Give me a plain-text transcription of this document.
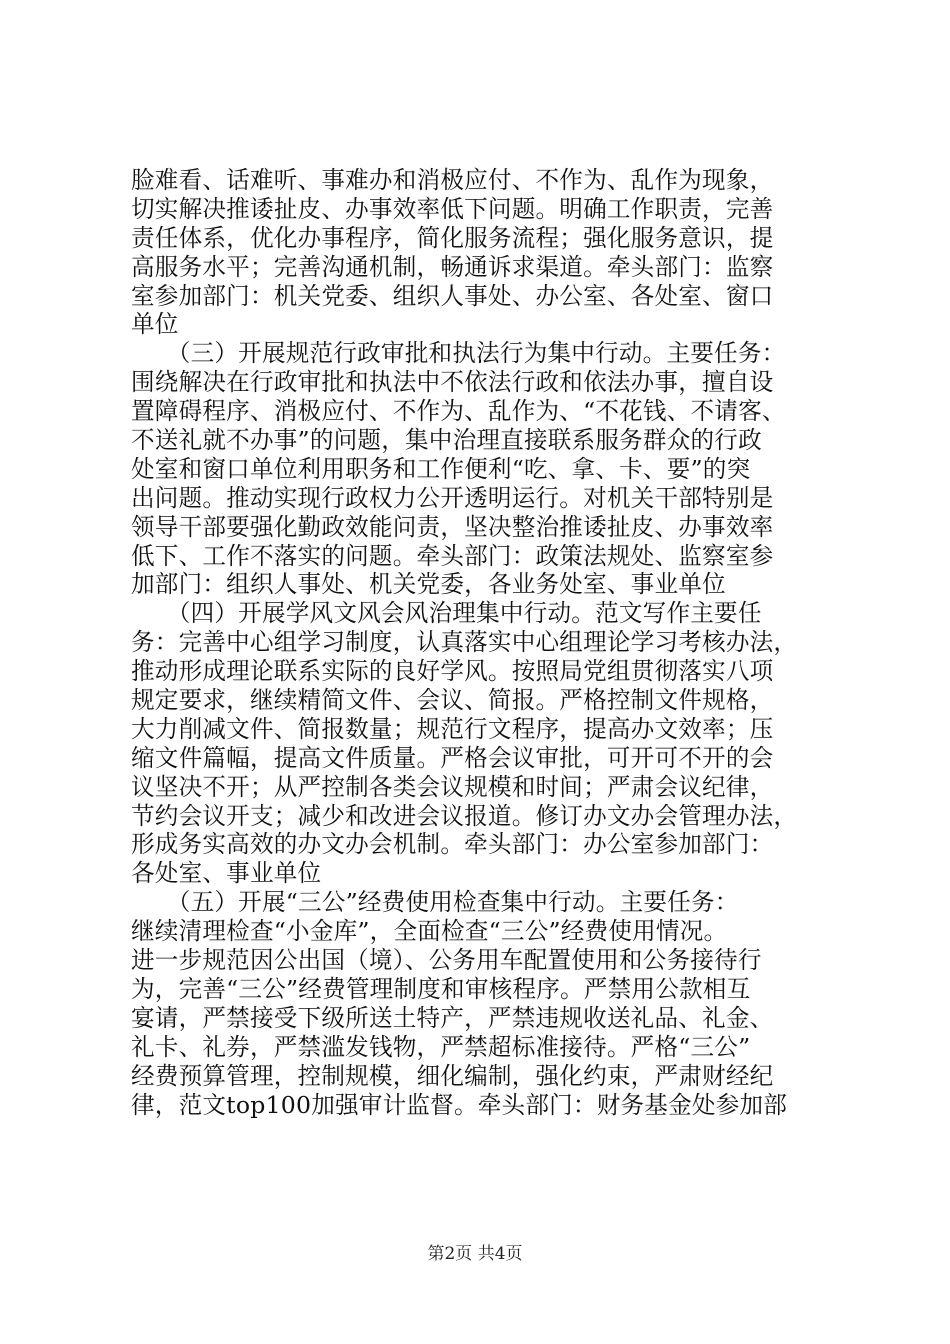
脸难看、话难听、事难办和消极应付、不作为、乱作为现象，
切实解决推诿扯皮、办事效率低下问题。明确工作职责，完善
责任体系，优化办事程序，简化服务流程；强化服务意识，提
高服务水平；完善沟通机制，畅通诉求渠道。牵头部门：监察
室参加部门：机关党委、组织人事处、办公室、各处室、窗口
单位
　　（三）开展规范行政审批和执法行为集中行动。主要任务：
围绕解决在行政审批和执法中不依法行政和依法办事，擅自设
置障碍程序、消极应付、不作为、乱作为、“不花钱、不请客、
不送礼就不办事”的问题，集中治理直接联系服务群众的行政
处室和窗口单位利用职务和工作便利“吃、拿、卡、要”的突
出问题。推动实现行政权力公开透明运行。对机关干部特别是
领导干部要强化勤政效能问责，坚决整治推诿扯皮、办事效率
低下、工作不落实的问题。牵头部门：政策法规处、监察室参
加部门：组织人事处、机关党委，各业务处室、事业单位
　　（四）开展学风文风会风治理集中行动。范文写作主要任
务：完善中心组学习制度，认真落实中心组理论学习考核办法，
推动形成理论联系实际的良好学风。按照局党组贯彻落实八项
规定要求，继续精简文件、会议、简报。严格控制文件规格，
大力削减文件、简报数量；规范行文程序，提高办文效率；压
缩文件篇幅，提高文件质量。严格会议审批，可开可不开的会
议坚决不开；从严控制各类会议规模和时间；严肃会议纪律，
节约会议开支；减少和改进会议报道。修订办文办会管理办法，
形成务实高效的办文办会机制。牵头部门：办公室参加部门：
各处室、事业单位
　　（五）开展“三公”经费使用检查集中行动。主要任务：
继续清理检查“小金库”，全面检查“三公”经费使用情况。
进一步规范因公出国（境）、公务用车配置使用和公务接待行
为，完善“三公”经费管理制度和审核程序。严禁用公款相互
宴请，严禁接受下级所送土特产，严禁违规收送礼品、礼金、
礼卡、礼券，严禁滥发钱物，严禁超标准接待。严格“三公”
经费预算管理，控制规模，细化编制，强化约束，严肃财经纪
律，范文top100加强审计监督。牵头部门：财务基金处参加部
第2页 共4页
